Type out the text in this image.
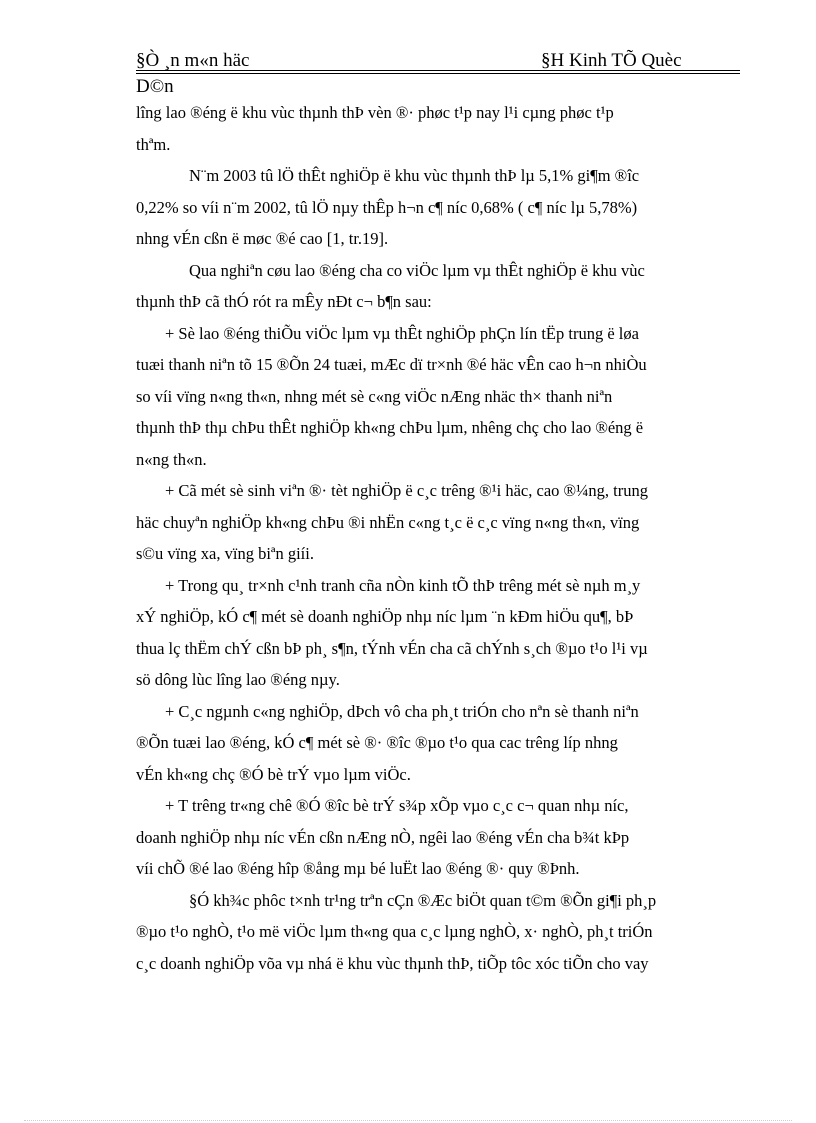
§Ò ¸n m«n häc	§H Kinh TÕ Quèc
D©n
lîng lao ®éng ë khu vùc thµnh thÞ vèn ®· phøc t¹p nay l¹i cµng phøc t¹p
thªm.
N¨m 2003 tû lÖ thÊt nghiÖp ë khu vùc thµnh thÞ lµ 5,1% gi¶m ®îc
0,22% so víi n¨m 2002, tû lÖ nµy thÊp h¬n c¶ níc 0,68% ( c¶ níc lµ 5,78%)
nhng vÉn cßn ë møc ®é cao [1, tr.19].
Qua nghiªn cøu lao ®éng cha co viÖc lµm vµ thÊt nghiÖp ë khu vùc
thµnh thÞ cã thÓ rót ra mÊy nÐt c¬ b¶n sau:
+ Sè lao ®éng thiÕu viÖc lµm vµ thÊt nghiÖp phÇn lín tËp trung ë løa
tuæi thanh niªn tõ 15 ®Õn 24 tuæi, mÆc dï tr×nh ®é häc vÊn cao h¬n nhiÒu
so víi vïng n«ng th«n, nhng mét sè c«ng viÖc nÆng nhäc th× thanh niªn
thµnh thÞ thµ chÞu thÊt nghiÖp kh«ng chÞu lµm, nhêng chç cho lao ®éng ë
n«ng th«n.
+ Cã mét sè sinh viªn ®· tèt nghiÖp ë c¸c trêng ®¹i häc, cao ®¼ng, trung
häc chuyªn nghiÖp kh«ng chÞu ®i nhËn c«ng t¸c ë c¸c vïng n«ng th«n, vïng
s©u vïng xa, vïng biªn giíi.
+ Trong qu¸ tr×nh c¹nh tranh cña nÒn kinh tÕ thÞ trêng mét sè nµh m¸y
xÝ nghiÖp, kÓ c¶ mét sè doanh nghiÖp nhµ níc lµm ¨n kÐm hiÖu qu¶, bÞ
thua lç thËm chÝ cßn bÞ ph¸ s¶n, tÝnh vÉn cha cã chÝnh s¸ch ®µo t¹o l¹i vµ
sö dông lùc lîng lao ®éng nµy.
+ C¸c ngµnh c«ng nghiÖp, dÞch vô cha ph¸t triÓn cho nªn sè thanh niªn
®Õn tuæi lao ®éng, kÓ c¶ mét sè ®· ®îc ®µo t¹o qua cac trêng líp nhng
vÉn kh«ng chç ®Ó bè trÝ vµo lµm viÖc.
+ T trêng tr«ng chê ®Ó ®îc bè trÝ s¾p xÕp vµo c¸c c¬ quan nhµ níc,
doanh nghiÖp nhµ níc vÉn cßn nÆng nÒ, ngêi lao ®éng vÉn cha b¾t kÞp
víi chÕ ®é lao ®éng hîp ®ång mµ bé luËt lao ®éng ®· quy ®Þnh.
§Ó kh¾c phôc t×nh tr¹ng trªn cÇn ®Æc biÖt quan t©m ®Õn gi¶i ph¸p
®µo t¹o nghÒ, t¹o më viÖc lµm th«ng qua c¸c lµng nghÒ, x· nghÒ, ph¸t triÓn
c¸c doanh nghiÖp võa vµ nhá ë khu vùc thµnh thÞ, tiÕp tôc xóc tiÕn cho vay
